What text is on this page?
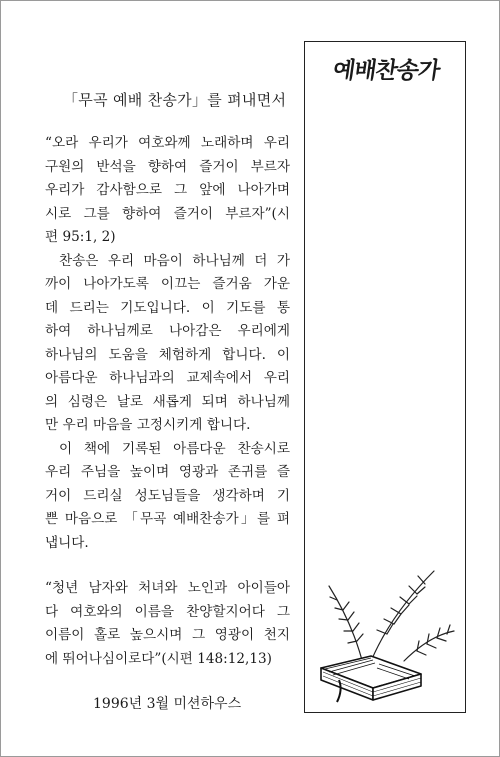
「무곡 예배 찬송가」를 펴내면서
“오라 우리가 여호와께 노래하며 우리
구원의 반석을 향하여 즐거이 부르자
우리가 감사함으로 그 앞에 나아가며
시로 그를 향하여 즐거이 부르자”(시
편 95:1, 2)
찬송은 우리 마음이 하나님께 더 가
까이 나아가도록 이끄는 즐거움 가운
데 드리는 기도입니다. 이 기도를 통
하여 하나님께로 나아감은 우리에게
하나님의 도움을 체험하게 합니다. 이
아름다운 하나님과의 교제속에서 우리
의 심령은 날로 새롭게 되며 하나님께
만 우리 마음을 고정시키게 합니다.
이 책에 기록된 아름다운 찬송시로
우리 주님을 높이며 영광과 존귀를 즐
거이 드리실 성도님들을 생각하며 기
쁜 마음으로 「무곡 예배찬송가」를 펴
냅니다.
“청년 남자와 처녀와 노인과 아이들아
다 여호와의 이름을 찬양할지어다 그
이름이 홀로 높으시며 그 영광이 천지
에 뛰어나심이로다”(시편 148:12,13)
1996년 3월 미션하우스
예배찬송가
